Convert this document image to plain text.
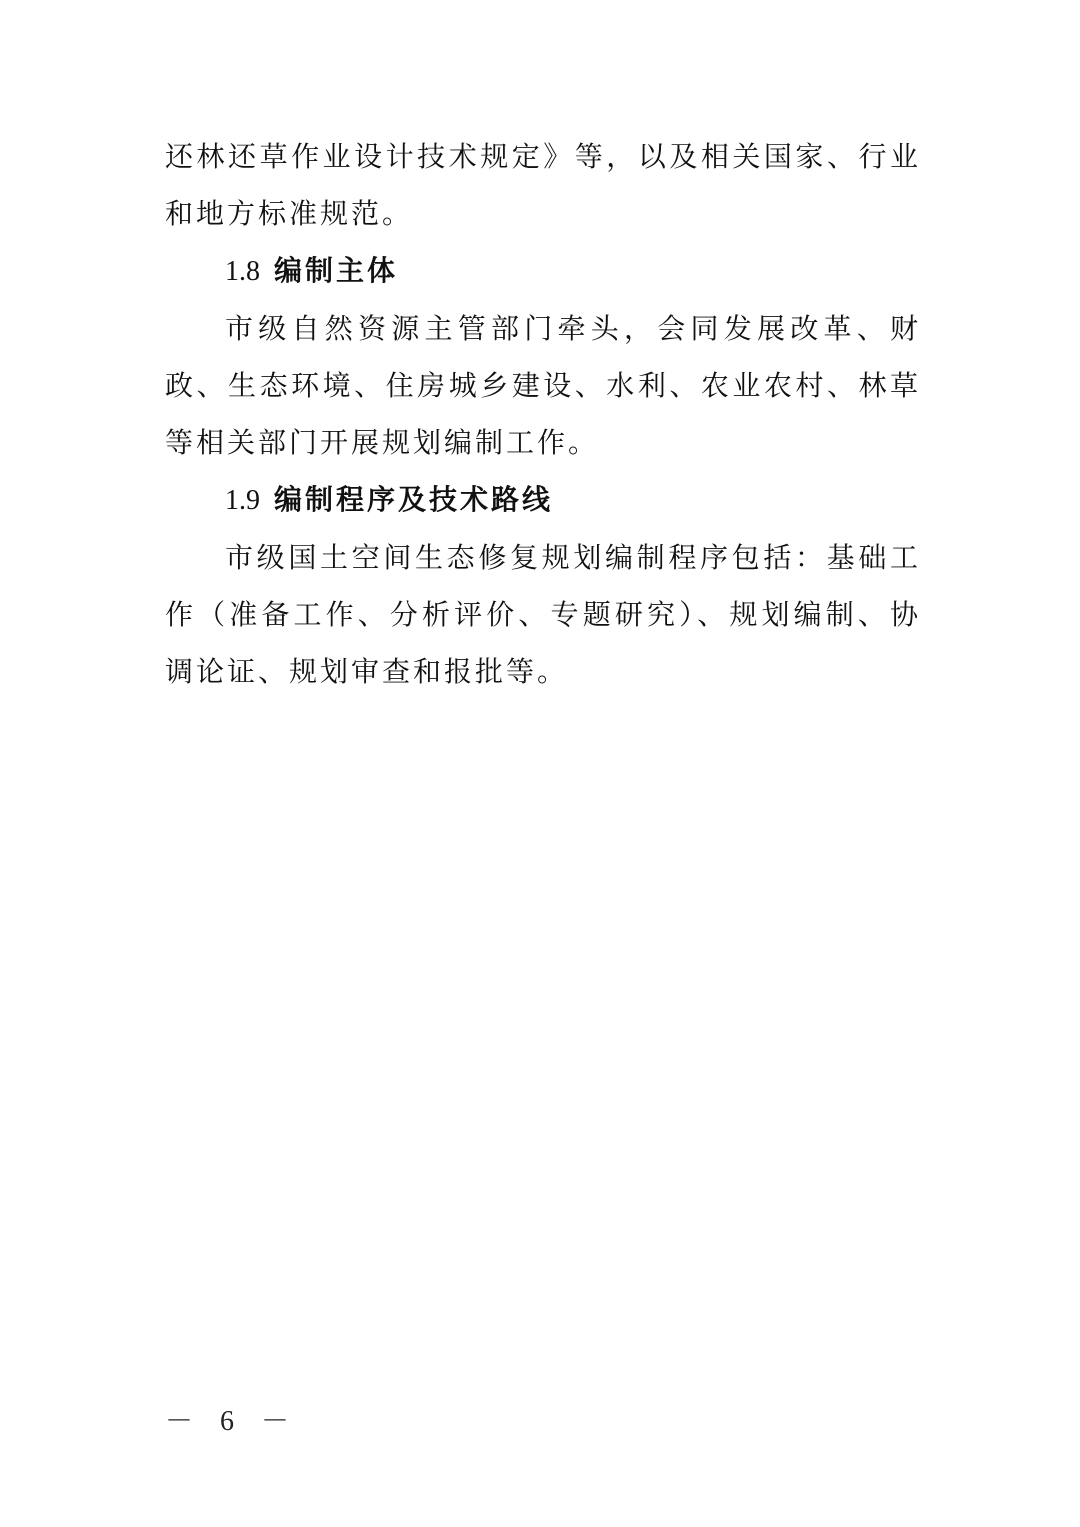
还林还草作业设计技术规定》等，以及相关国家、行业和地方标准规范。

1.8 编制主体

市级自然资源主管部门牵头，会同发展改革、财政、生态环境、住房城乡建设、水利、农业农村、林草等相关部门开展规划编制工作。

1.9 编制程序及技术路线

市级国土空间生态修复规划编制程序包括：基础工作（准备工作、分析评价、专题研究）、规划编制、协调论证、规划审查和报批等。

－ 6 －
